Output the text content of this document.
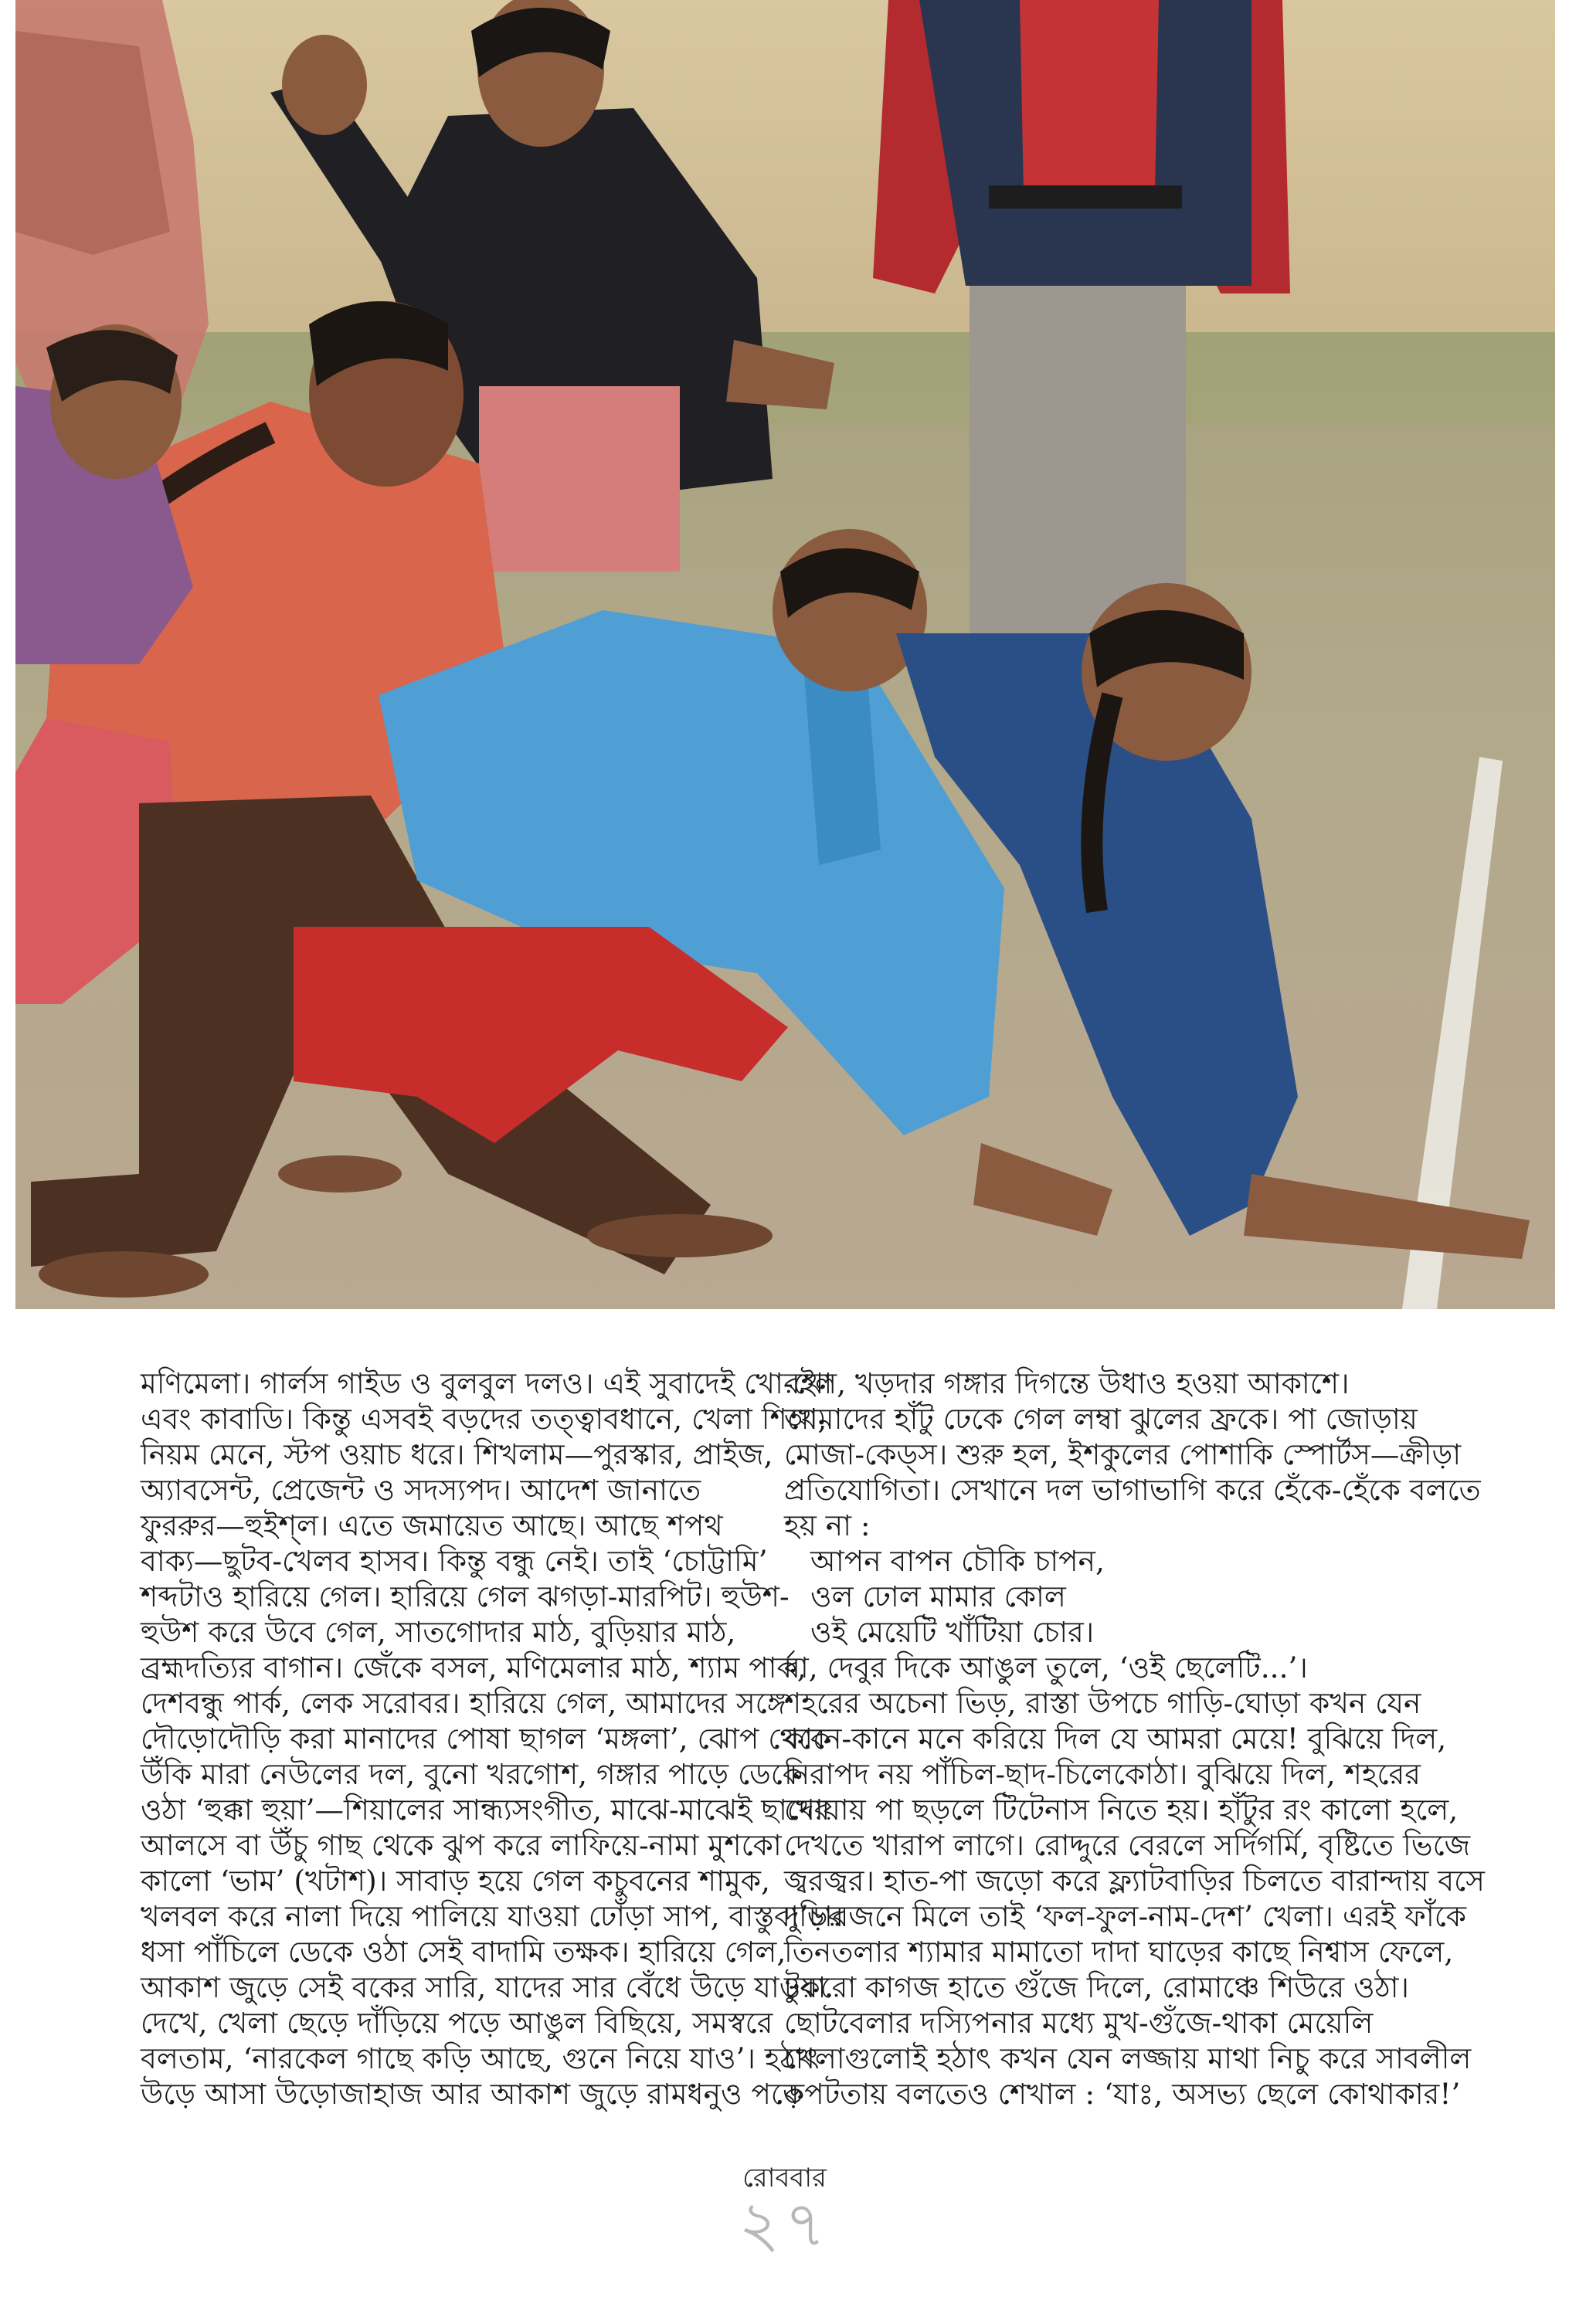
মণিমেলা। গার্লস গাইড ও বুলবুল দলও। এই সুবাদেই খো-খো
এবং কাবাডি। কিন্তু এসবই বড়দের তত্ত্বাবধানে, খেলা শিখে,
নিয়ম মেনে, স্টপ ওয়াচ ধরে। শিখলাম—পুরস্কার, প্রাইজ,
অ্যাবসেন্ট, প্রেজেন্ট ও সদস্যপদ। আদেশ জানাতে
ফুররুর—হুইশ্‌ল। এতে জমায়েত আছে। আছে শপথ
বাক্য—ছুটব-খেলব হাসব। কিন্তু বন্ধু নেই। তাই ‘চোট্টামি’
শব্দটাও হারিয়ে গেল। হারিয়ে গেল ঝগড়া-মারপিট। হুউশ-
হুউশ করে উবে গেল, সাতগোদার মাঠ, বুড়িয়ার মাঠ,
ব্রহ্মদত্যির বাগান। জেঁকে বসল, মণিমেলার মাঠ, শ্যাম পার্ক,
দেশবন্ধু পার্ক, লেক সরোবর। হারিয়ে গেল, আমাদের সঙ্গে
দৌড়োদৌড়ি করা মানাদের পোষা ছাগল ‘মঙ্গলা’, ঝোপ থেকে
উঁকি মারা নেউলের দল, বুনো খরগোশ, গঙ্গার পাড়ে ডেকে
ওঠা ‘হুক্কা হুয়া’—শিয়ালের সান্ধ্যসংগীত, মাঝে-মাঝেই ছাদের
আলসে বা উঁচু গাছ থেকে ঝুপ করে লাফিয়ে-নামা মুশকো
কালো ‘ভাম’ (খটাশ)। সাবাড় হয়ে গেল কচুবনের শামুক,
খলবল করে নালা দিয়ে পালিয়ে যাওয়া ঢোঁড়া সাপ, বাস্তুবাড়ির
ধসা পাঁচিলে ডেকে ওঠা সেই বাদামি তক্ষক। হারিয়ে গেল,
আকাশ জুড়ে সেই বকের সারি, যাদের সার বেঁধে উড়ে যাওয়া
দেখে, খেলা ছেড়ে দাঁড়িয়ে পড়ে আঙুল বিছিয়ে, সমস্বরে
বলতাম, ‘নারকেল গাছে কড়ি আছে, গুনে নিয়ে যাও’। হঠাৎ
উড়ে আসা উড়োজাহাজ আর আকাশ জুড়ে রামধনুও পড়ে
রইল, খড়দার গঙ্গার দিগন্তে উধাও হওয়া আকাশে।
আমাদের হাঁটু ঢেকে গেল লম্বা ঝুলের ফ্রকে। পা জোড়ায়
মোজা-কেড্‌স। শুরু হল, ইশকুলের পোশাকি স্পোর্টস—ক্রীড়া
প্রতিযোগিতা। সেখানে দল ভাগাভাগি করে হেঁকে-হেঁকে বলতে
হয় না :
আপন বাপন চৌকি চাপন,
ওল ঢোল মামার কোল
ওই মেয়েটি খাঁটিয়া চোর।
বা, দেবুর দিকে আঙুল তুলে, ‘ওই ছেলেটি...’।
শহরের অচেনা ভিড়, রাস্তা উপচে গাড়ি-ঘোড়া কখন যেন
কানে-কানে মনে করিয়ে দিল যে আমরা মেয়ে! বুঝিয়ে দিল,
নিরাপদ নয় পাঁচিল-ছাদ-চিলেকোঠা। বুঝিয়ে দিল, শহরের
খোয়ায় পা ছড়লে টিটেনাস নিতে হয়। হাঁটুর রং কালো হলে,
দেখতে খারাপ লাগে। রোদ্দুরে বেরলে সর্দিগর্মি, বৃষ্টিতে ভিজে
জ্বরজ্বর। হাত-পা জড়ো করে ফ্ল্যাটবাড়ির চিলতে বারান্দায় বসে
দু’চারজনে মিলে তাই ‘ফল-ফুল-নাম-দেশ’ খেলা। এরই ফাঁকে
তিনতলার শ্যামার মামাতো দাদা ঘাড়ের কাছে নিশ্বাস ফেলে,
টুকরো কাগজ হাতে গুঁজে দিলে, রোমাঞ্চে শিউরে ওঠা।
ছোটবেলার দস্যিপনার মধ্যে মুখ-গুঁজে-থাকা মেয়েলি
খেলাগুলোই হঠাৎ কখন যেন লজ্জায় মাথা নিচু করে সাবলীল
কপটতায় বলতেও শেখাল : ‘যাঃ, অসভ্য ছেলে কোথাকার!’
রোববার
২৭
